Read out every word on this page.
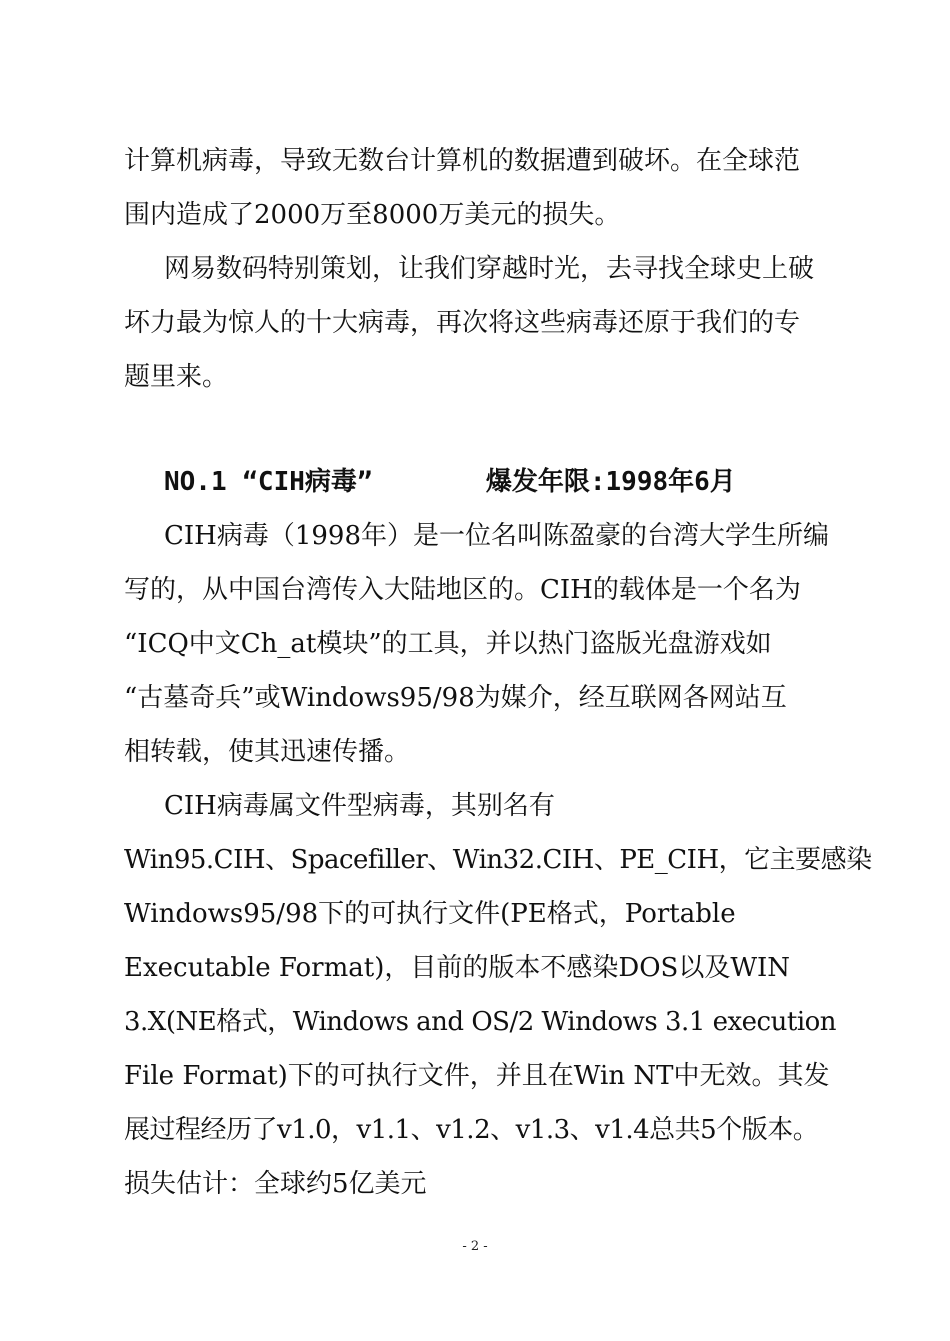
计算机病毒，导致无数台计算机的数据遭到破坏。在全球范
围内造成了2000万至8000万美元的损失。
网易数码特别策划，让我们穿越时光，去寻找全球史上破
坏力最为惊人的十大病毒，再次将这些病毒还原于我们的专
题里来。
NO.1 “CIH病毒”	爆发年限:1998年6月
CIH病毒（1998年）是一位名叫陈盈豪的台湾大学生所编
写的，从中国台湾传入大陆地区的。CIH的载体是一个名为
“ICQ中文Ch_at模块”的工具，并以热门盗版光盘游戏如
“古墓奇兵”或Windows95/98为媒介，经互联网各网站互
相转载，使其迅速传播。
CIH病毒属文件型病毒，其别名有
Win95.CIH、Spacefiller、Win32.CIH、PE_CIH，它主要感染
Windows95/98下的可执行文件(PE格式，Portable
Executable Format)，目前的版本不感染DOS以及WIN
3.X(NE格式，Windows and OS/2 Windows 3.1 execution
File Format)下的可执行文件，并且在Win NT中无效。其发
展过程经历了v1.0，v1.1、v1.2、v1.3、v1.4总共5个版本。
损失估计：全球约5亿美元
- 2 -
